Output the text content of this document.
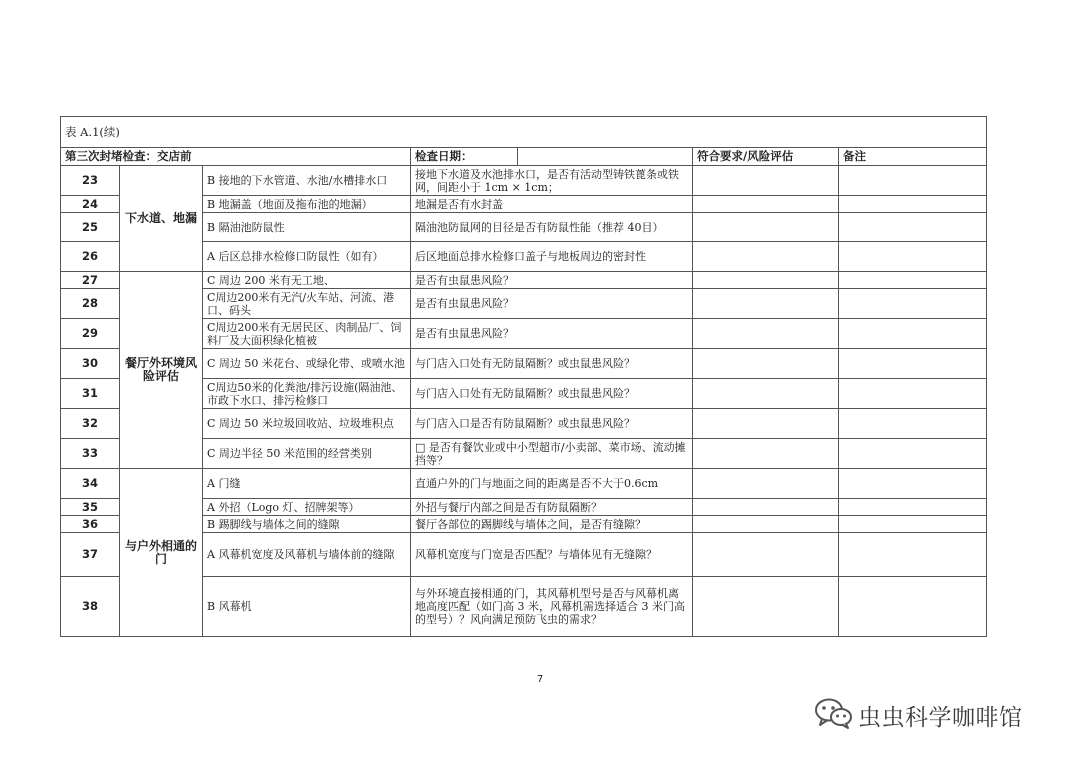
表 A.1(续)						
第三次封堵检查：交店前			检查日期：		符合要求/风险评估	备注
23	下水道、地漏	B 接地的下水管道、水池/水槽排水口	接地下水道及水池排水口，是否有活动型铸铁蓖条或铁网，间距小于 1cm × 1cm；			
24		B 地漏盖（地面及拖布池的地漏）	地漏是否有水封盖			
25		B 隔油池防鼠性	隔油池防鼠网的目径是否有防鼠性能（推荐 40目）			
26		A 后区总排水检修口防鼠性（如有）	后区地面总排水检修口盖子与地板周边的密封性			
27	餐厅外环境风险评估	C 周边 200 米有无工地、	是否有虫鼠患风险？			
28		C周边200米有无汽/火车站、河流、港口、码头	是否有虫鼠患风险？			
29		C周边200米有无居民区、肉制品厂、饲料厂及大面积绿化植被	是否有虫鼠患风险？			
30		C 周边 50 米花台、或绿化带、或喷水池	与门店入口处有无防鼠隔断？或虫鼠患风险？			
31		C周边50米的化粪池/排污设施(隔油池、市政下水口、排污检修口	与门店入口处有无防鼠隔断？或虫鼠患风险？			
32		C 周边 50 米垃圾回收站、垃圾堆积点	与门店入口是否有防鼠隔断？或虫鼠患风险？			
33		C 周边半径 50 米范围的经营类别	□ 是否有餐饮业或中小型超市/小卖部、菜市场、流动摊挡等？			
34	与户外相通的门	A 门缝	直通户外的门与地面之间的距离是否不大于0.6cm			
35		A 外招（Logo 灯、招牌架等）	外招与餐厅内部之间是否有防鼠隔断？			
36		B 踢脚线与墙体之间的缝隙	餐厅各部位的踢脚线与墙体之间，是否有缝隙？			
37		A 风幕机宽度及风幕机与墙体前的缝隙	风幕机宽度与门宽是否匹配？与墙体见有无缝隙？			
38		B 风幕机	与外环境直接相通的门，其风幕机型号是否与风幕机离地高度匹配（如门高 3 米，风幕机需选择适合 3 米门高的型号）？风向满足预防飞虫的需求？			
7
虫虫科学咖啡馆
